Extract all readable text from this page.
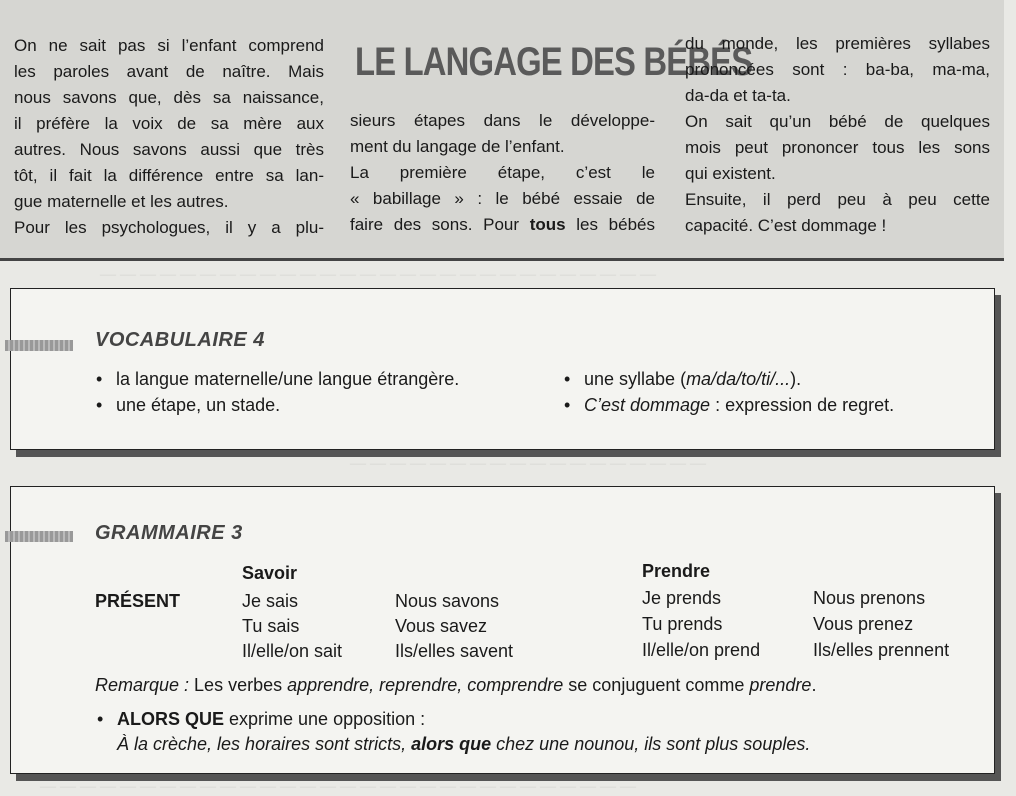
— — — — — — — — — — — — — — — — — — — — — — — — — — — —
— — — — — — — — — — — — — — — — — —
— — — — — — — — — — — — — — — — — — — — — — — — — — — — — —

On ne sait pas si l’enfant comprend

les paroles avant de naître. Mais

nous savons que, dès sa naissance,

il préfère la voix de sa mère aux

autres. Nous savons aussi que très

tôt, il fait la différence entre sa lan-

gue maternelle et les autres.

Pour les psychologues, il y a plu-

LE LANGAGE DES BÉBÉS

sieurs étapes dans le développe-

ment du langage de l’enfant.

La première étape, c’est le

« babillage » : le bébé essaie de

faire des sons. Pour tous les bébés

du monde, les premières syllabes

prononcées sont : ba-ba, ma-ma,

da-da et ta-ta.

On sait qu’un bébé de quelques

mois peut prononcer tous les sons

qui existent.

Ensuite, il perd peu à peu cette

capacité. C’est dommage !

VOCABULAIRE 4
• la langue maternelle/une langue étrangère.
• une étape, un stade.
• une syllabe (ma/da/to/ti/...).
• C’est dommage : expression de regret.
GRAMMAIRE 3
Savoir	Prendre
PRÉSENT	Je sais
Tu sais
Il/elle/on sait
Nous savons
Vous savez
Ils/elles savent
Je prends
Tu prends
Il/elle/on prend
Nous prenons
Vous prenez
Ils/elles prennent
Remarque : Les verbes apprendre, reprendre, comprendre se conjuguent comme prendre.
• ALORS QUE exprime une opposition :
À la crèche, les horaires sont stricts, alors que chez une nounou, ils sont plus souples.
